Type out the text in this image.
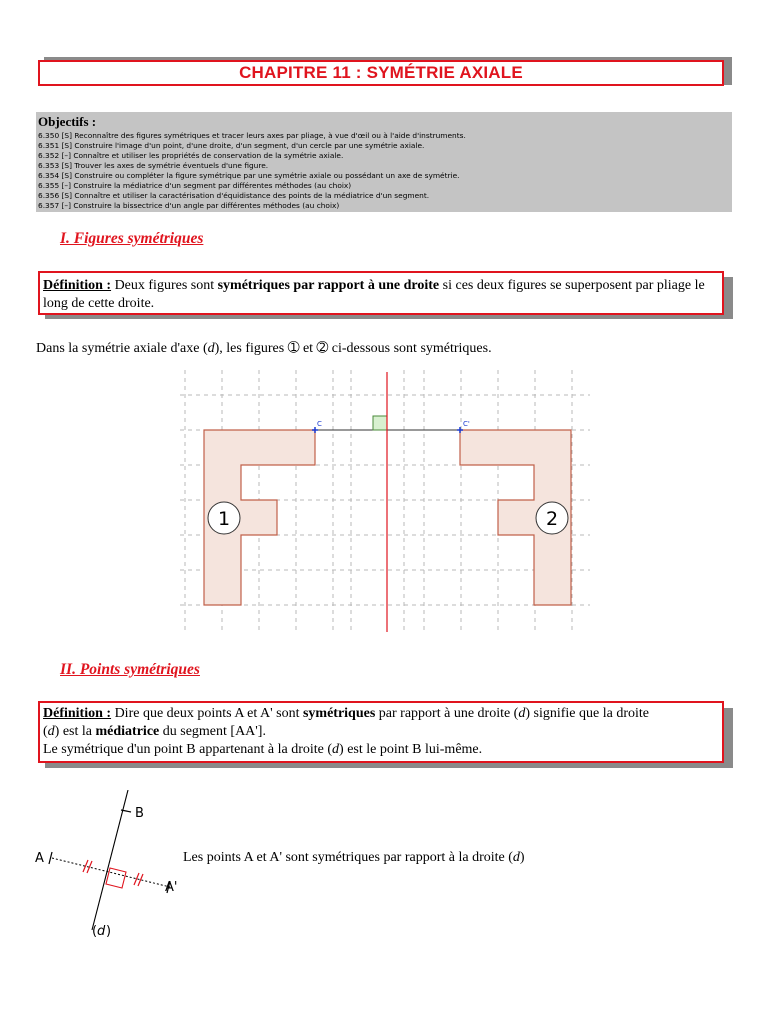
CHAPITRE 11 : SYMÉTRIE AXIALE
Objectifs :
6.350 [S] Reconnaître des figures symétriques et tracer leurs axes par pliage, à vue d'œil ou à l'aide d'instruments.
6.351 [S] Construire l'image d'un point, d'une droite, d'un segment, d'un cercle par une symétrie axiale.
6.352 [–] Connaître et utiliser les propriétés de conservation de la symétrie axiale.
6.353 [S] Trouver les axes de symétrie éventuels d'une figure.
6.354 [S] Construire ou compléter la figure symétrique par une symétrie axiale ou possédant un axe de symétrie.
6.355 [–] Construire la médiatrice d'un segment par différentes méthodes (au choix)
6.356 [S] Connaître et utiliser la caractérisation d'équidistance des points de la médiatrice d'un segment.
6.357 [–] Construire la bissectrice d'un angle par différentes méthodes (au choix)
I. Figures symétriques
Définition : Deux figures sont symétriques par rapport à une droite si ces deux figures se superposent par pliage le long de cette droite.
Dans la symétrie axiale d'axe (d), les figures ➀ et ➁ ci-dessous sont symétriques.
C	C'
1	2
II. Points symétriques
Définition : Dire que deux points A et A' sont symétriques par rapport à une droite (d) signifie que la droite
(d) est la médiatrice du segment [AA'].
Le symétrique d'un point B appartenant à la droite (d) est le point B lui-même.
A
A'
B
( d )
Les points A et A' sont symétriques par rapport à la droite (d)
